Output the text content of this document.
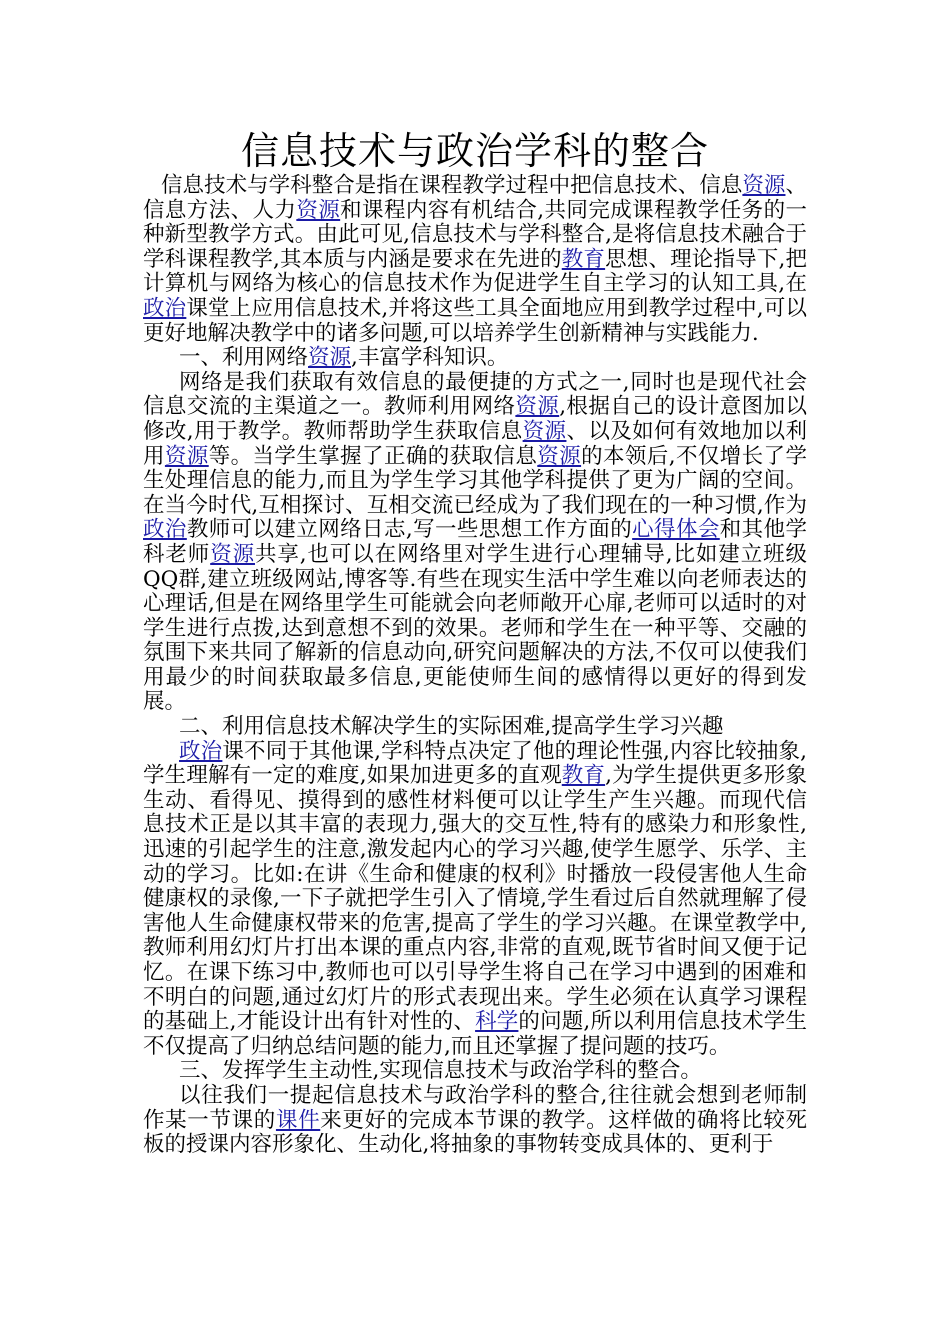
信息技术与政治学科的整合

信息技术与学科整合是指在课程教学过程中把信息技术、信息资源、信息方法、人力资源和课程内容有机结合,共同完成课程教学任务的一种新型教学方式。由此可见,信息技术与学科整合,是将信息技术融合于学科课程教学,其本质与内涵是要求在先进的教育思想、理论指导下,把计算机与网络为核心的信息技术作为促进学生自主学习的认知工具,在政治课堂上应用信息技术,并将这些工具全面地应用到教学过程中,可以更好地解决教学中的诸多问题,可以培养学生创新精神与实践能力.

一、利用网络资源,丰富学科知识。

网络是我们获取有效信息的最便捷的方式之一,同时也是现代社会信息交流的主渠道之一。教师利用网络资源,根据自己的设计意图加以修改,用于教学。教师帮助学生获取信息资源、以及如何有效地加以利用资源等。当学生掌握了正确的获取信息资源的本领后,不仅增长了学生处理信息的能力,而且为学生学习其他学科提供了更为广阔的空间。在当今时代,互相探讨、互相交流已经成为了我们现在的一种习惯,作为政治教师可以建立网络日志,写一些思想工作方面的心得体会和其他学科老师资源共享,也可以在网络里对学生进行心理辅导,比如建立班级QQ群,建立班级网站,博客等.有些在现实生活中学生难以向老师表达的心理话,但是在网络里学生可能就会向老师敞开心扉,老师可以适时的对学生进行点拨,达到意想不到的效果。老师和学生在一种平等、交融的氛围下来共同了解新的信息动向,研究问题解决的方法,不仅可以使我们用最少的时间获取最多信息,更能使师生间的感情得以更好的得到发展。

二、利用信息技术解决学生的实际困难,提高学生学习兴趣

政治课不同于其他课,学科特点决定了他的理论性强,内容比较抽象,学生理解有一定的难度,如果加进更多的直观教育,为学生提供更多形象生动、看得见、摸得到的感性材料便可以让学生产生兴趣。而现代信息技术正是以其丰富的表现力,强大的交互性,特有的感染力和形象性,迅速的引起学生的注意,激发起内心的学习兴趣,使学生愿学、乐学、主动的学习。比如:在讲《生命和健康的权利》时播放一段侵害他人生命健康权的录像,一下子就把学生引入了情境,学生看过后自然就理解了侵害他人生命健康权带来的危害,提高了学生的学习兴趣。在课堂教学中,教师利用幻灯片打出本课的重点内容,非常的直观,既节省时间又便于记忆。在课下练习中,教师也可以引导学生将自己在学习中遇到的困难和不明白的问题,通过幻灯片的形式表现出来。学生必须在认真学习课程的基础上,才能设计出有针对性的、科学的问题,所以利用信息技术学生不仅提高了归纳总结问题的能力,而且还掌握了提问题的技巧。

三、发挥学生主动性,实现信息技术与政治学科的整合。

以往我们一提起信息技术与政治学科的整合,往往就会想到老师制作某一节课的课件来更好的完成本节课的教学。这样做的确将比较死板的授课内容形象化、生动化,将抽象的事物转变成具体的、更利于
